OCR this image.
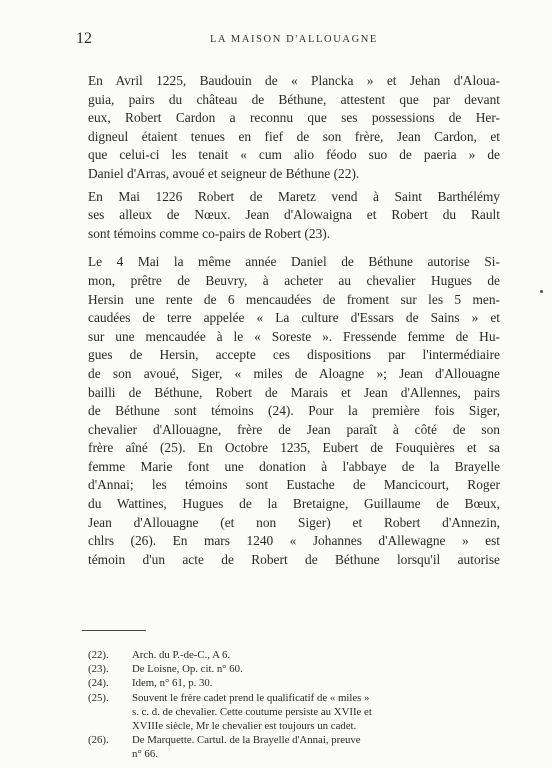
12	LA MAISON D'ALLOUAGNE

En Avril 1225, Baudouin de « Plancka » et Jehan d'Aloua-
guia, pairs du château de Béthune, attestent que par devant
eux, Robert Cardon a reconnu que ses possessions de Her-
digneul étaient tenues en fief de son frère, Jean Cardon, et
que celui-ci les tenait « cum alio féodo suo de paeria » de
Daniel d'Arras, avoué et seigneur de Béthune (22).

En Mai 1226 Robert de Maretz vend à Saint Barthélémy
ses alleux de Nœux. Jean d'Alowaigna et Robert du Rault
sont témoins comme co-pairs de Robert (23).

Le 4 Mai la même année Daniel de Béthune autorise Si-
mon, prêtre de Beuvry, à acheter au chevalier Hugues de
Hersin une rente de 6 mencaudées de froment sur les 5 men-
caudées de terre appelée « La culture d'Essars de Sains » et
sur une mencaudée à le « Soreste ». Fressende femme de Hu-
gues de Hersin, accepte ces dispositions par l'intermédiaire
de son avoué, Siger, « miles de Aloagne »; Jean d'Allouagne
bailli de Béthune, Robert de Marais et Jean d'Allennes, pairs
de Béthune sont témoins (24). Pour la première fois Siger,
chevalier d'Allouagne, frère de Jean paraît à côté de son
frère aîné (25). En Octobre 1235, Eubert de Fouquières et sa
femme Marie font une donation à l'abbaye de la Brayelle
d'Annai; les témoins sont Eustache de Mancicourt, Roger
du Wattines, Hugues de la Bretaigne, Guillaume de Bœux,
Jean d'Allouagne (et non Siger) et Robert d'Annezin,
chlrs (26). En mars 1240 « Johannes d'Allewagne » est
témoin d'un acte de Robert de Béthune lorsqu'il autorise

(22). Arch. du P.-de-C., A 6.
(23). De Loisne, Op. cit. n° 60.
(24). Idem, n° 61, p. 30.
(25). Souvent le frère cadet prend le qualificatif de « miles »
s. c. d. de chevalier. Cette coutume persiste au XVIIe et
XVIIIe siècle, Mr le chevalier est toujours un cadet.
(26). De Marquette. Cartul. de la Brayelle d'Annai, preuve
n° 66.
